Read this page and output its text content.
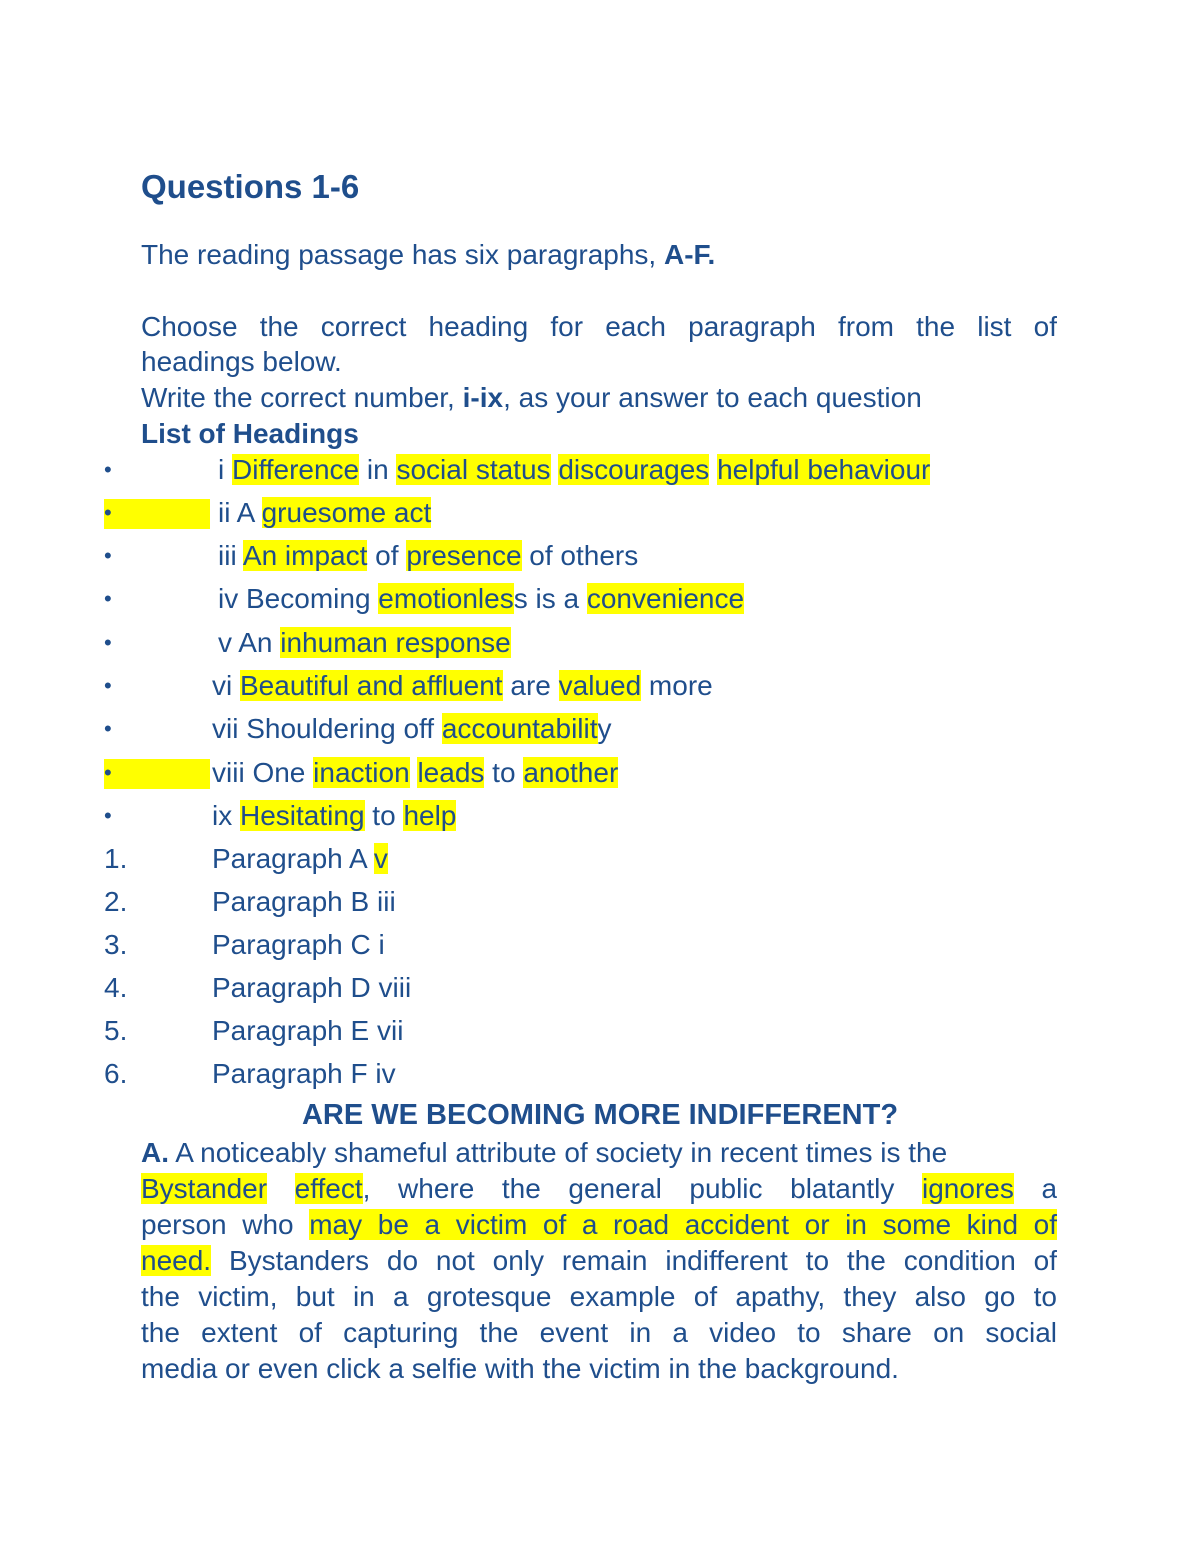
Questions 1-6
The reading passage has six paragraphs, A-F.
Choose the correct heading for each paragraph from the list of
headings below.
Write the correct number, i-ix, as your answer to each question
List of Headings
•	i Difference in social status discourages helpful behaviour
•	ii A gruesome act
•	iii An impact of presence of others
•	iv Becoming emotionless is a convenience
•	v An inhuman response
•	vi Beautiful and affluent are valued more
•	vii Shouldering off accountability
•	viii One inaction leads to another
•	ix Hesitating to help
1.	Paragraph A v
2.	Paragraph B iii
3.	Paragraph C i
4.	Paragraph D viii
5.	Paragraph E vii
6.	Paragraph F iv
ARE WE BECOMING MORE INDIFFERENT?
A. A noticeably shameful attribute of society in recent times is the
Bystander effect, where the general public blatantly ignores a
person who may be a victim of a road accident or in some kind of
need. Bystanders do not only remain indifferent to the condition of
the victim, but in a grotesque example of apathy, they also go to
the extent of capturing the event in a video to share on social
media or even click a selfie with the victim in the background.
